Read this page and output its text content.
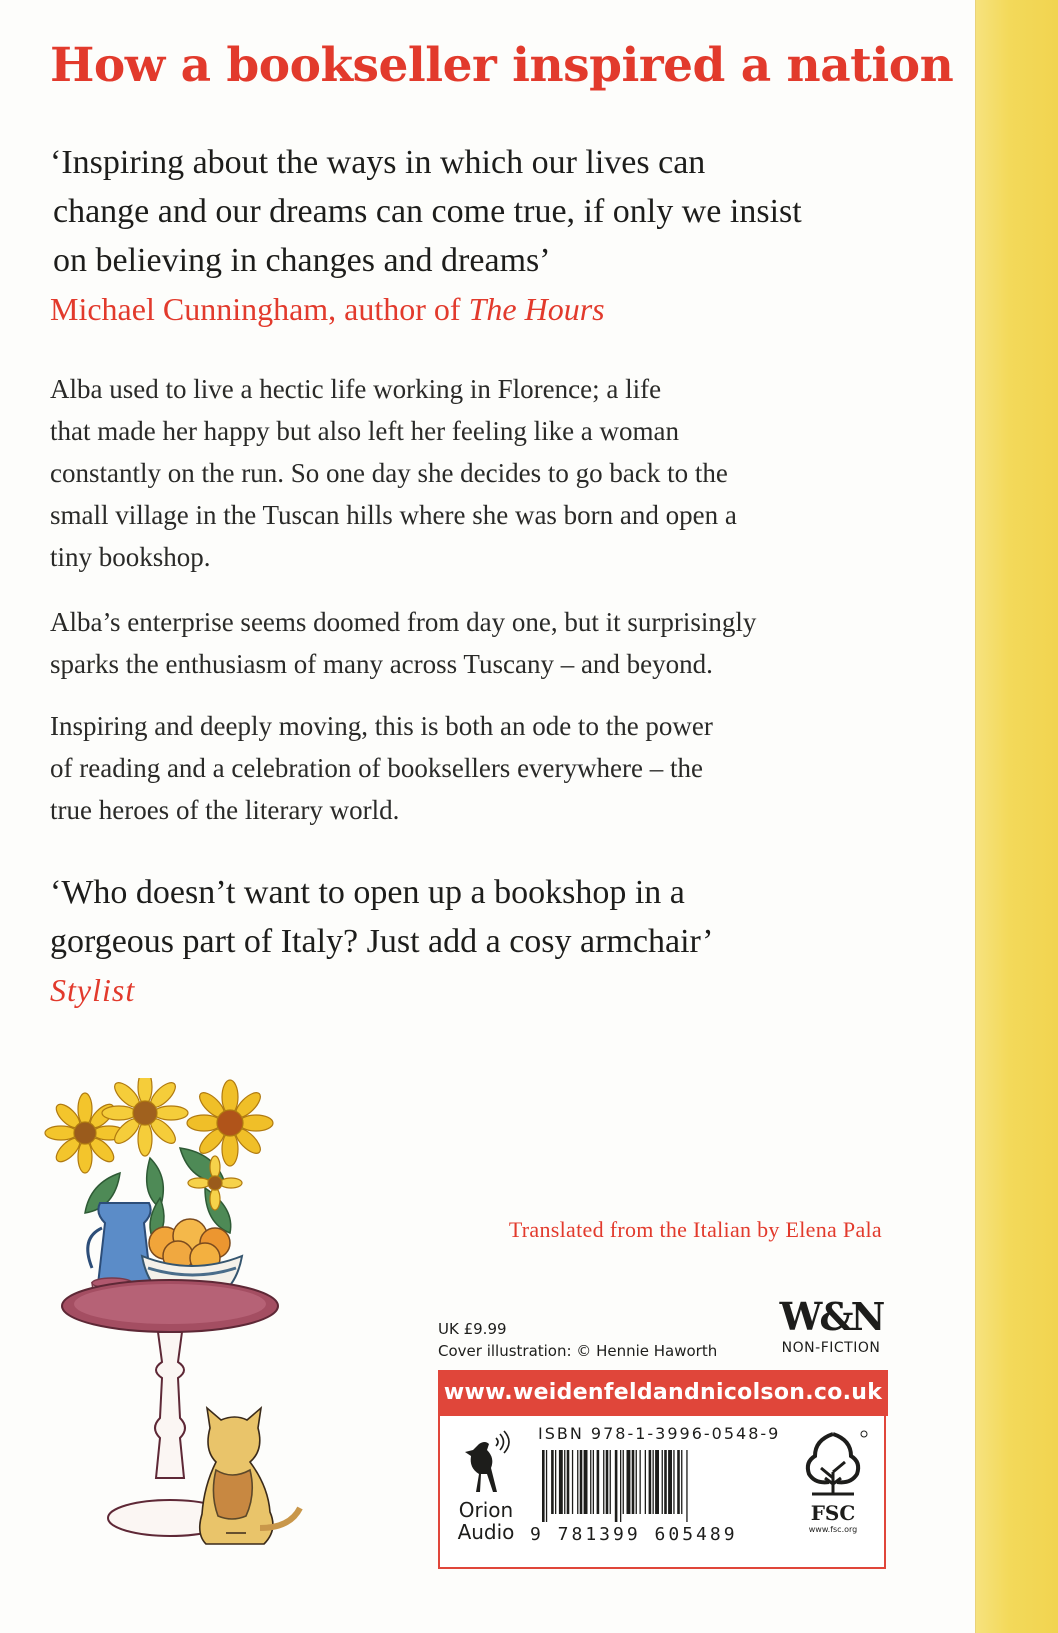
How a bookseller inspired a nation
‘Inspiring about the ways in which our lives can
change and our dreams can come true, if only we insist
on believing in changes and dreams’
Michael Cunningham, author of The Hours
Alba used to live a hectic life working in Florence; a life
that made her happy but also left her feeling like a woman
constantly on the run. So one day she decides to go back to the
small village in the Tuscan hills where she was born and open a
tiny bookshop.
Alba’s enterprise seems doomed from day one, but it surprisingly
sparks the enthusiasm of many across Tuscany – and beyond.
Inspiring and deeply moving, this is both an ode to the power
of reading and a celebration of booksellers everywhere – the
true heroes of the literary world.
‘Who doesn’t want to open up a bookshop in a
gorgeous part of Italy? Just add a cosy armchair’
Stylist
Translated from the Italian by Elena Pala
UK £9.99
Cover illustration: © Hennie Haworth
W&N
NON-FICTION
www.weidenfeldandnicolson.co.uk
Orion
Audio
ISBN 978-1-3996-0548-9
9 781399 605489
FSC
www.fsc.org
